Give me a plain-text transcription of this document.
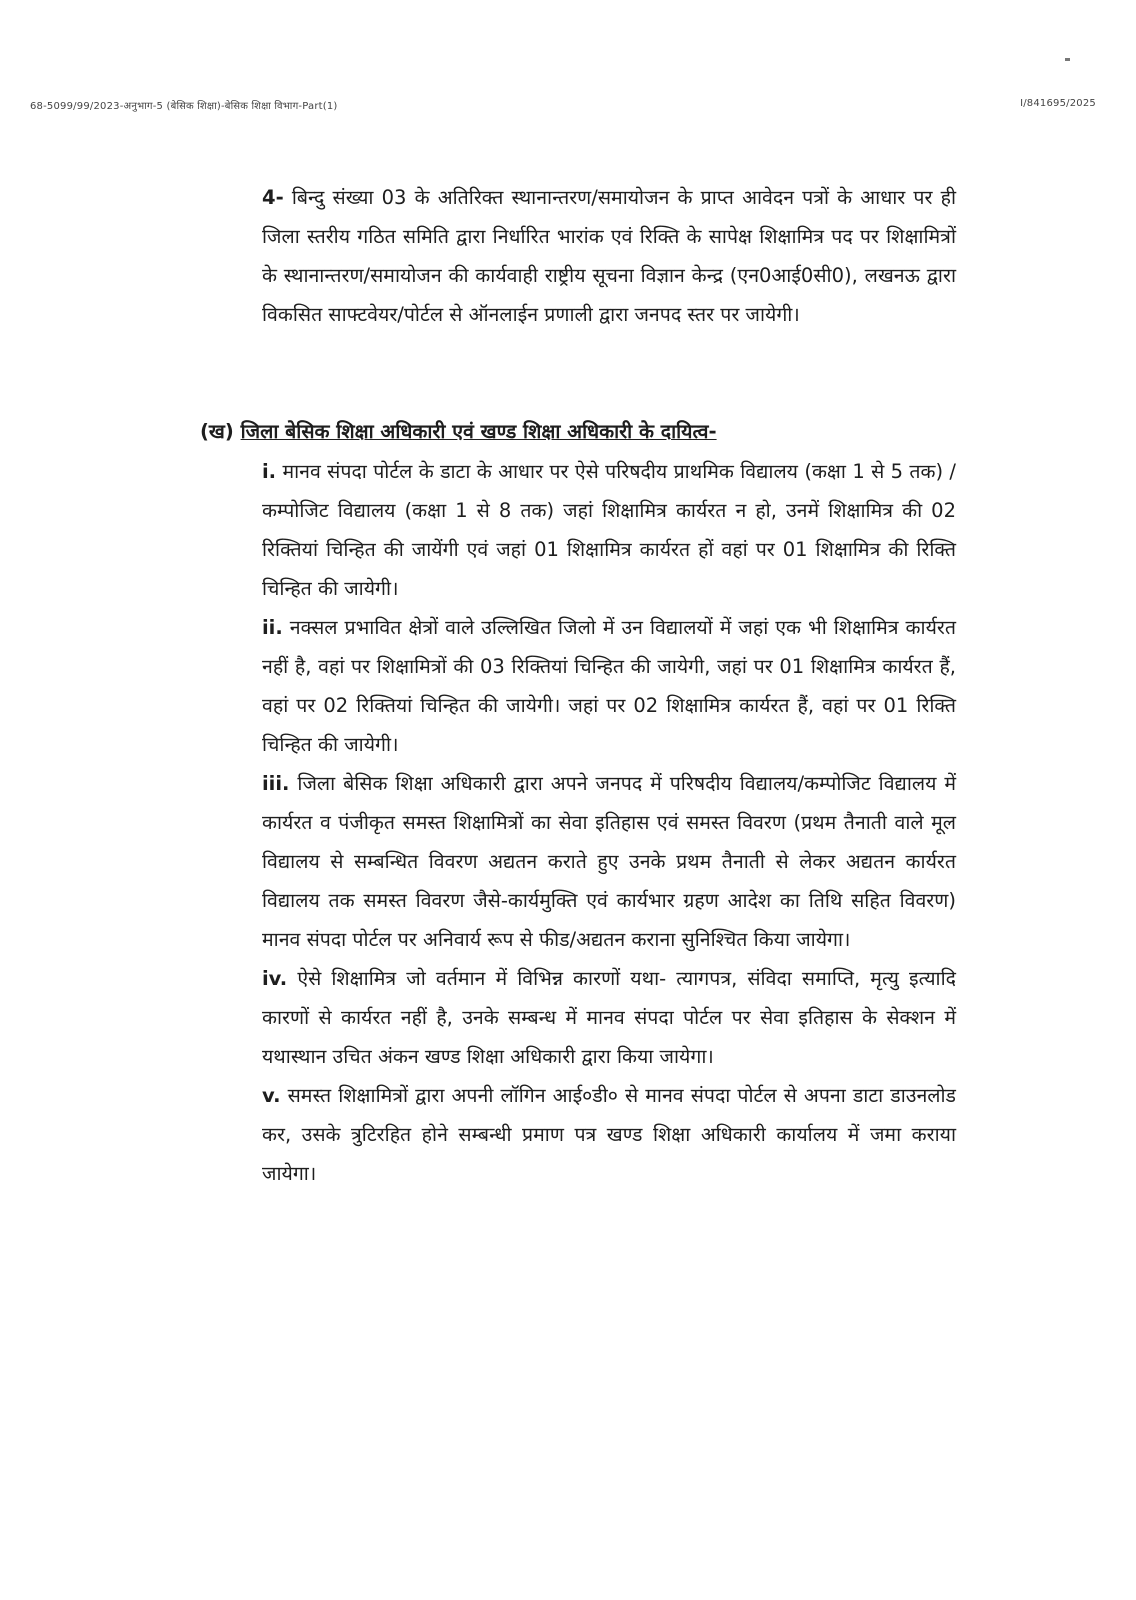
68-5099/99/2023-अनुभाग-5 (बेसिक शिक्षा)-बेसिक शिक्षा विभाग-Part(1)	I/841695/2025

4- बिन्दु संख्या 03 के अतिरिक्त स्थानान्तरण/समायोजन के प्राप्त आवेदन पत्रों के आधार पर ही जिला स्तरीय गठित समिति द्वारा निर्धारित भारांक एवं रिक्ति के सापेक्ष शिक्षामित्र पद पर शिक्षामित्रों के स्थानान्तरण/समायोजन की कार्यवाही राष्ट्रीय सूचना विज्ञान केन्द्र (एन0आई0सी0), लखनऊ द्वारा विकसित साफ्टवेयर/पोर्टल से ऑनलाईन प्रणाली द्वारा जनपद स्तर पर जायेगी।

(ख) जिला बेसिक शिक्षा अधिकारी एवं खण्ड शिक्षा अधिकारी के दायित्व-

i. मानव संपदा पोर्टल के डाटा के आधार पर ऐसे परिषदीय प्राथमिक विद्यालय (कक्षा 1 से 5 तक) /कम्पोजिट विद्यालय (कक्षा 1 से 8 तक) जहां शिक्षामित्र कार्यरत न हो, उनमें शिक्षामित्र की 02 रिक्तियां चिन्हित की जायेंगी एवं जहां 01 शिक्षामित्र कार्यरत हों वहां पर 01 शिक्षामित्र की रिक्ति चिन्हित की जायेगी।

ii. नक्सल प्रभावित क्षेत्रों वाले उल्लिखित जिलो में उन विद्यालयों में जहां एक भी शिक्षामित्र कार्यरत नहीं है, वहां पर शिक्षामित्रों की 03 रिक्तियां चिन्हित की जायेगी, जहां पर 01 शिक्षामित्र कार्यरत हैं, वहां पर 02 रिक्तियां चिन्हित की जायेगी। जहां पर 02 शिक्षामित्र कार्यरत हैं, वहां पर 01 रिक्ति चिन्हित की जायेगी।

iii. जिला बेसिक शिक्षा अधिकारी द्वारा अपने जनपद में परिषदीय विद्यालय/कम्पोजिट विद्यालय में कार्यरत व पंजीकृत समस्त शिक्षामित्रों का सेवा इतिहास एवं समस्त विवरण (प्रथम तैनाती वाले मूल विद्यालय से सम्बन्धित विवरण अद्यतन कराते हुए उनके प्रथम तैनाती से लेकर अद्यतन कार्यरत विद्यालय तक समस्त विवरण जैसे-कार्यमुक्ति एवं कार्यभार ग्रहण आदेश का तिथि सहित विवरण) मानव संपदा पोर्टल पर अनिवार्य रूप से फीड/अद्यतन कराना सुनिश्चित किया जायेगा।

iv. ऐसे शिक्षामित्र जो वर्तमान में विभिन्न कारणों यथा- त्यागपत्र, संविदा समाप्ति, मृत्यु इत्यादि कारणों से कार्यरत नहीं है, उनके सम्बन्ध में मानव संपदा पोर्टल पर सेवा इतिहास के सेक्शन में यथास्थान उचित अंकन खण्ड शिक्षा अधिकारी द्वारा किया जायेगा।

v. समस्त शिक्षामित्रों द्वारा अपनी लॉगिन आई०डी० से मानव संपदा पोर्टल से अपना डाटा डाउनलोड कर, उसके त्रुटिरहित होने सम्बन्धी प्रमाण पत्र खण्ड शिक्षा अधिकारी कार्यालय में जमा कराया जायेगा।
